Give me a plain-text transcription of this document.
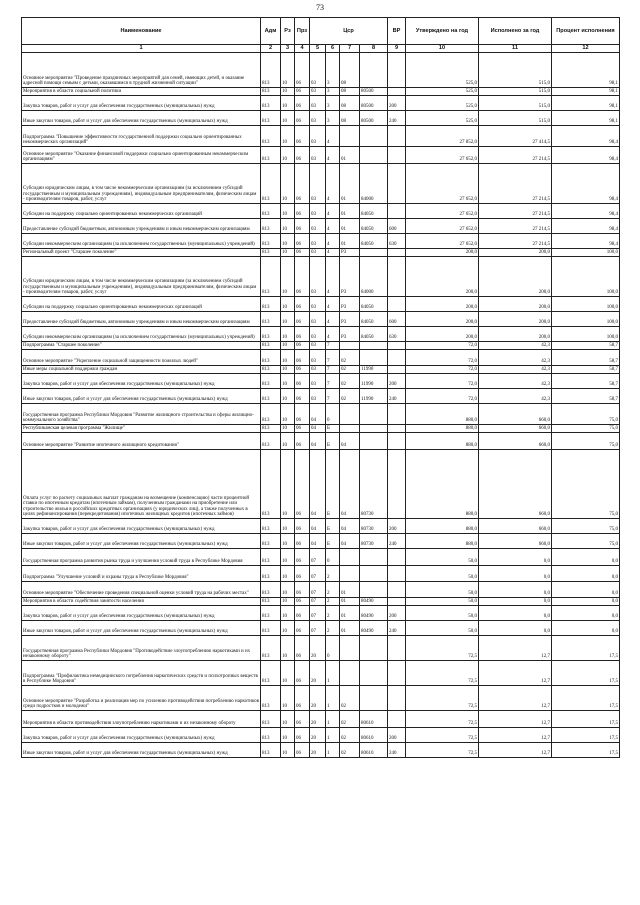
73
Наименование	Адм	Рз	Прз	Цср				ВР	Утверждено на год	Исполнено за год	Процент исполнения
1	2	3	4	5	6	7	8	9	10	11	12
Основное мероприятие "Проведение праздничных мероприятий для семей, имеющих детей, и оказание адресной помощи семьям с детьми, оказавшимся в трудной жизненной ситуации"	813	10	06	03	3	08			525,0	515,0	98,1
Мероприятия в области социальной политики	813	10	06	03	3	08	80500		525,0	515,0	98,1
Закупка товаров, работ и услуг для обеспечения государственных (муниципальных) нужд	813	10	06	03	3	08	80500	200	525,0	515,0	98,1
Иные закупки товаров, работ и услуг для обеспечения государственных (муниципальных) нужд	813	10	06	03	3	08	80500	240	525,0	515,0	98,1
Подпрограмма "Повышение эффективности государственной поддержки социально ориентированных некоммерческих организаций"	813	10	06	03	4				27 852,0	27 414,5	98,4
Основное мероприятие "Оказание финансовой поддержки социально ориентированным некоммерческим организациям"	813	10	06	03	4	01			27 652,0	27 214,5	98,4
Субсидии юридическим лицам, в том числе некоммерческим организациям (за исключением субсидий государственным и муниципальным учреждениям), индивидуальным предпринимателям, физическим лицам - производителям товаров, работ, услуг	813	10	06	03	4	01	84000		27 652,0	27 214,5	98,4
Субсидии на поддержку социально ориентированных некоммерческих организаций	813	10	06	03	4	01	84050		27 652,0	27 214,5	98,4
Предоставление субсидий бюджетным, автономным учреждениям и иным некоммерческим организациям	813	10	06	03	4	01	84050	600	27 652,0	27 214,5	98,4
Субсидии некоммерческим организациям (за исключением государственных (муниципальных) учреждений)	813	10	06	03	4	01	84050	630	27 652,0	27 214,5	98,4
Региональный проект "Старшее поколение"	813	10	06	03	4	P3			200,0	200,0	100,0
Субсидии юридическим лицам, в том числе некоммерческим организациям (за исключением субсидий государственным и муниципальным учреждениям), индивидуальным предпринимателям, физическим лицам - производителям товаров, работ, услуг	813	10	06	03	4	P3	84000		200,0	200,0	100,0
Субсидии на поддержку социально ориентированных некоммерческих организаций	813	10	06	03	4	P3	84050		200,0	200,0	100,0
Предоставление субсидий бюджетным, автономным учреждениям и иным некоммерческим организациям	813	10	06	03	4	P3	84050	600	200,0	200,0	100,0
Субсидии некоммерческим организациям (за исключением государственных (муниципальных) учреждений)	813	10	06	03	4	P3	84050	630	200,0	200,0	100,0
Подпрограмма "Старшее поколение"	813	10	06	03	7				72,0	42,3	58,7
Основное мероприятие "Укрепление социальной защищенности пожилых людей"	813	10	06	03	7	02			72,0	42,3	58,7
Иные меры социальной поддержки граждан	813	10	06	03	7	02	11990		72,0	42,3	58,7
Закупка товаров, работ и услуг для обеспечения государственных (муниципальных) нужд	813	10	06	03	7	02	11990	200	72,0	42,3	58,7
Иные закупки товаров, работ и услуг для обеспечения государственных (муниципальных) нужд	813	10	06	03	7	02	11990	240	72,0	42,3	58,7
Государственная программа Республики Мордовия "Развитие жилищного строительства и сферы жилищно-коммунального хозяйства"	813	10	06	04	0				880,0	660,0	75,0
Республиканская целевая программа "Жилище"	813	10	06	04	Б				880,0	660,0	75,0
Основное мероприятие "Развитие ипотечного жилищного кредитования"	813	10	06	04	Б	04			880,0	660,0	75,0
Оплата услуг по расчету социальных выплат гражданам на возмещение (компенсацию) части процентной ставки по ипотечным кредитам (ипотечным займам), полученным гражданами на приобретение или строительство жилья в российских кредитных организациях (у юридических лиц), а также полученных в целях рефинансирования (перекредитования) ипотечных жилищных кредитов (ипотечных займов)	813	10	06	04	Б	04	80730		880,0	660,0	75,0
Закупка товаров, работ и услуг для обеспечения государственных (муниципальных) нужд	813	10	06	04	Б	04	80730	200	880,0	660,0	75,0
Иные закупки товаров, работ и услуг для обеспечения государственных (муниципальных) нужд	813	10	06	04	Б	04	80730	240	880,0	660,0	75,0
Государственная программа развития рынка труда и улучшения условий труда в Республике Мордовия	813	10	06	07	0				50,0	0,0	0,0
Подпрограмма "Улучшение условий и охраны труда в Республике Мордовия"	813	10	06	07	2				50,0	0,0	0,0
Основное мероприятие "Обеспечение проведения специальной оценки условий труда на рабочих местах"	813	10	06	07	2	01			50,0	0,0	0,0
Мероприятия в области содействия занятости населения	813	10	06	07	2	01	80490		50,0	0,0	0,0
Закупка товаров, работ и услуг для обеспечения государственных (муниципальных) нужд	813	10	06	07	2	01	80490	200	50,0	0,0	0,0
Иные закупки товаров, работ и услуг для обеспечения государственных (муниципальных) нужд	813	10	06	07	2	01	80490	240	50,0	0,0	0,0
Государственная программа Республики Мордовия "Противодействие злоупотреблению наркотиками и их незаконному обороту"	813	10	06	20	0				72,5	12,7	17,5
Подпрограмма "Профилактика немедицинского потребления наркотических средств и психотропных веществ в Республике Мордовия"	813	10	06	20	1				72,5	12,7	17,5
Основное мероприятие "Разработка и реализация мер по усилению противодействия потреблению наркотиков среди подростков и молодежи"	813	10	06	20	1	02			72,5	12,7	17,5
Мероприятия в области противодействия злоупотреблению наркотиками и их незаконному обороту	813	10	06	20	1	02	80610		72,5	12,7	17,5
Закупка товаров, работ и услуг для обеспечения государственных (муниципальных) нужд	813	10	06	20	1	02	80610	200	72,5	12,7	17,5
Иные закупки товаров, работ и услуг для обеспечения государственных (муниципальных) нужд	813	10	06	20	1	02	80610	240	72,5	12,7	17,5
